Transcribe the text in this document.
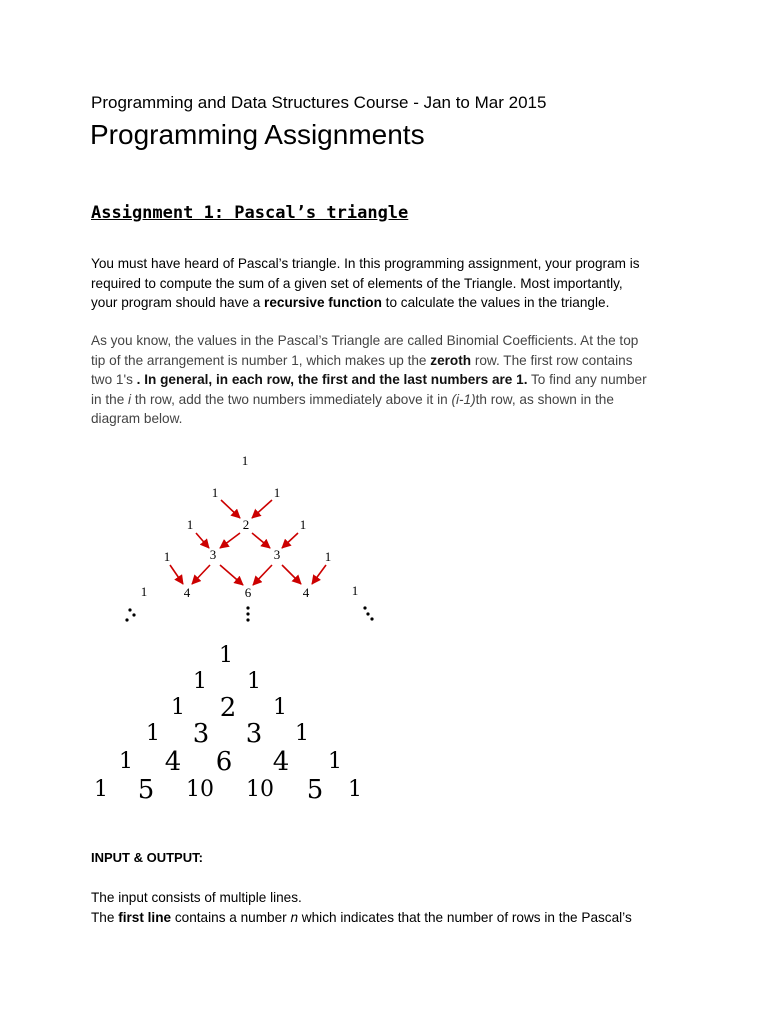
Programming and Data Structures Course - Jan to Mar 2015
Programming Assignments
Assignment 1: Pascal’s triangle

You must have heard of Pascal’s triangle. In this programming assignment, your program is
required to compute the sum of a given set of elements of the Triangle. Most importantly,
your program should have a recursive function to calculate the values in the triangle.

As you know, the values in the Pascal’s Triangle are called Binomial Coefficients. At the top
tip of the arrangement is number 1, which makes up the zeroth row. The first row contains
two 1's . In general, in each row, the first and the last numbers are 1. To find any number
in the i th row, add the two numbers immediately above it in (i-1)th row, as shown in the
diagram below.

1
1	1
1	2	1
1	3	3	1
1	4	6	4	1
1
1 1
1 2 1
1 3 3 1
1 4 6 4 1
1 5 10 10 5 1
INPUT & OUTPUT:

The input consists of multiple lines.
The first line contains a number n which indicates that the number of rows in the Pascal’s
